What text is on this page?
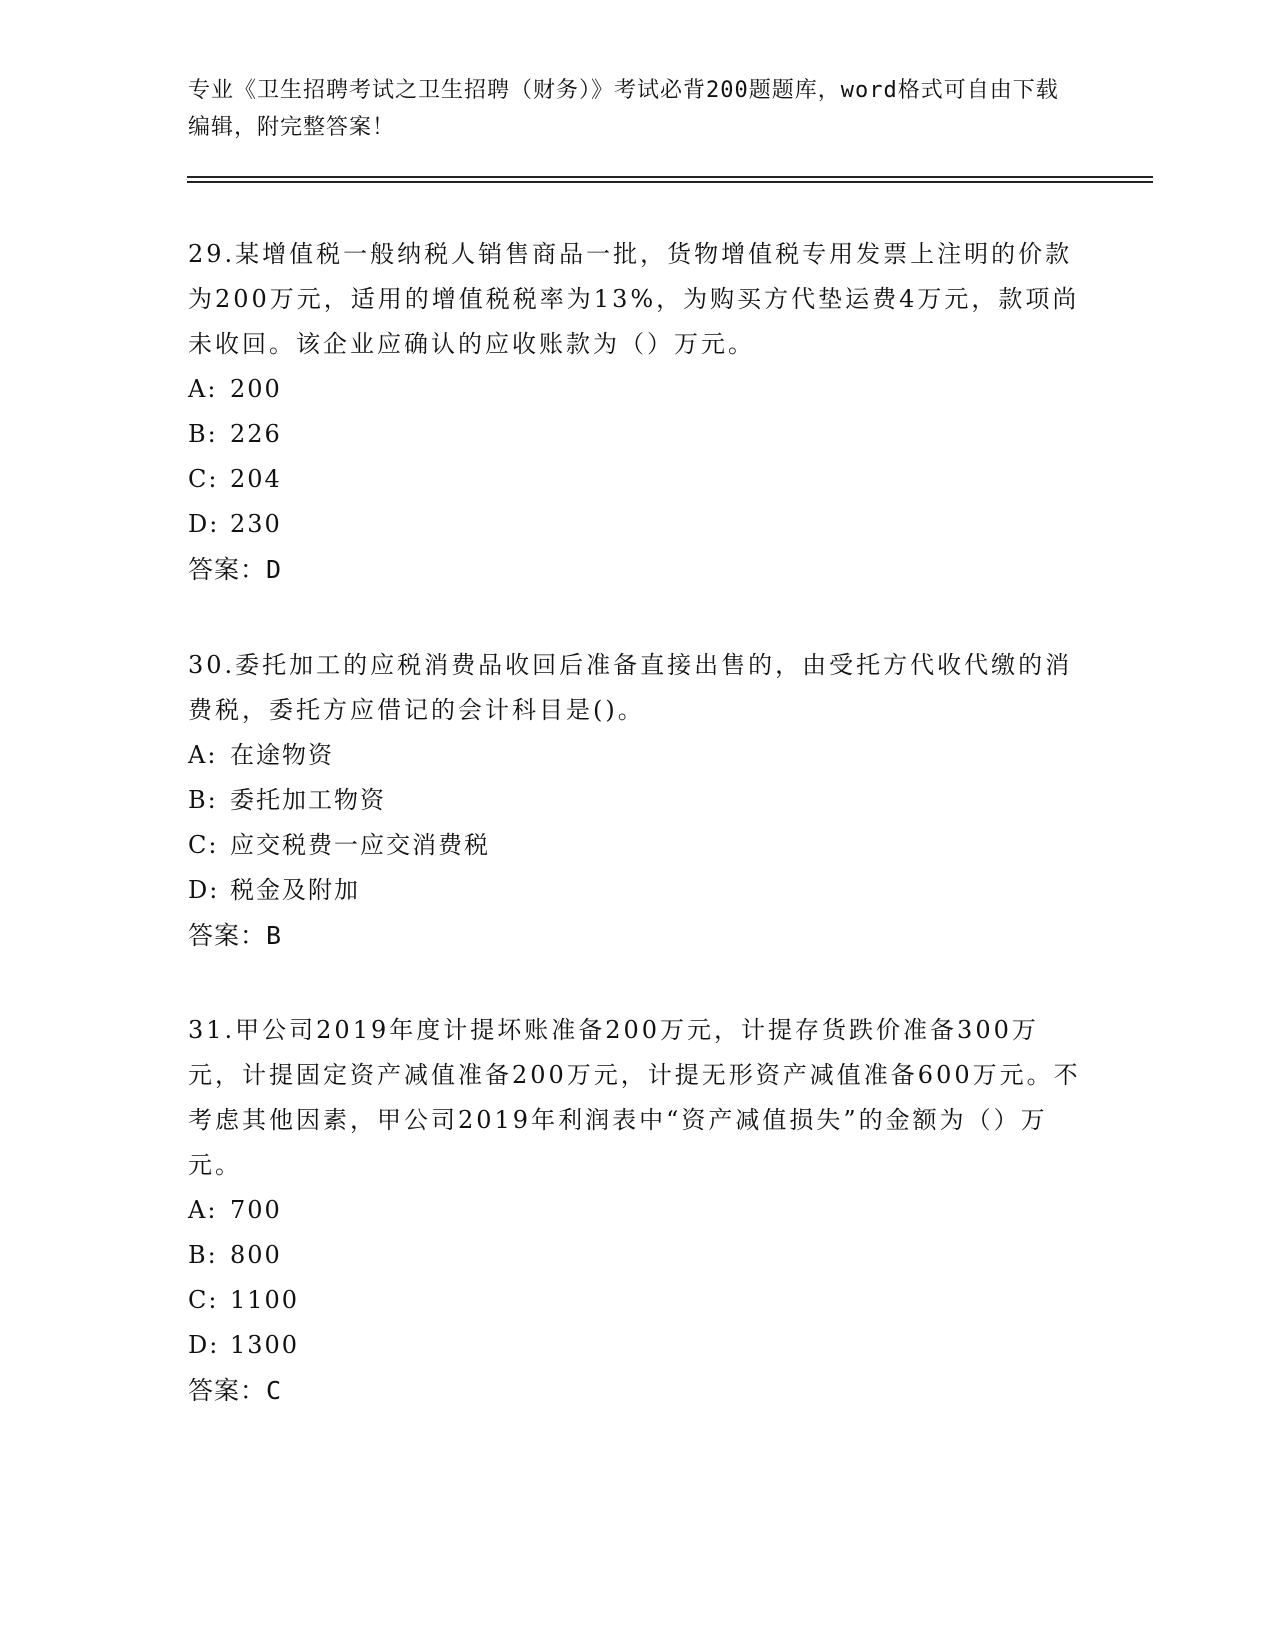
专业《卫生招聘考试之卫生招聘（财务）》考试必背200题题库，word格式可自由下载编辑，附完整答案！

29.某增值税一般纳税人销售商品一批，货物增值税专用发票上注明的价款为200万元，适用的增值税税率为13%，为购买方代垫运费4万元，款项尚未收回。该企业应确认的应收账款为（）万元。

A: 200
B: 226
C: 204
D: 230
答案：D

30.委托加工的应税消费品收回后准备直接出售的，由受托方代收代缴的消费税，委托方应借记的会计科目是()。

A: 在途物资
B: 委托加工物资
C: 应交税费一应交消费税
D: 税金及附加
答案：B

31.甲公司2019年度计提坏账准备200万元，计提存货跌价准备300万元，计提固定资产减值准备200万元，计提无形资产减值准备600万元。不考虑其他因素，甲公司2019年利润表中“资产减值损失”的金额为（）万元。

A: 700
B: 800
C: 1100
D: 1300
答案：C
